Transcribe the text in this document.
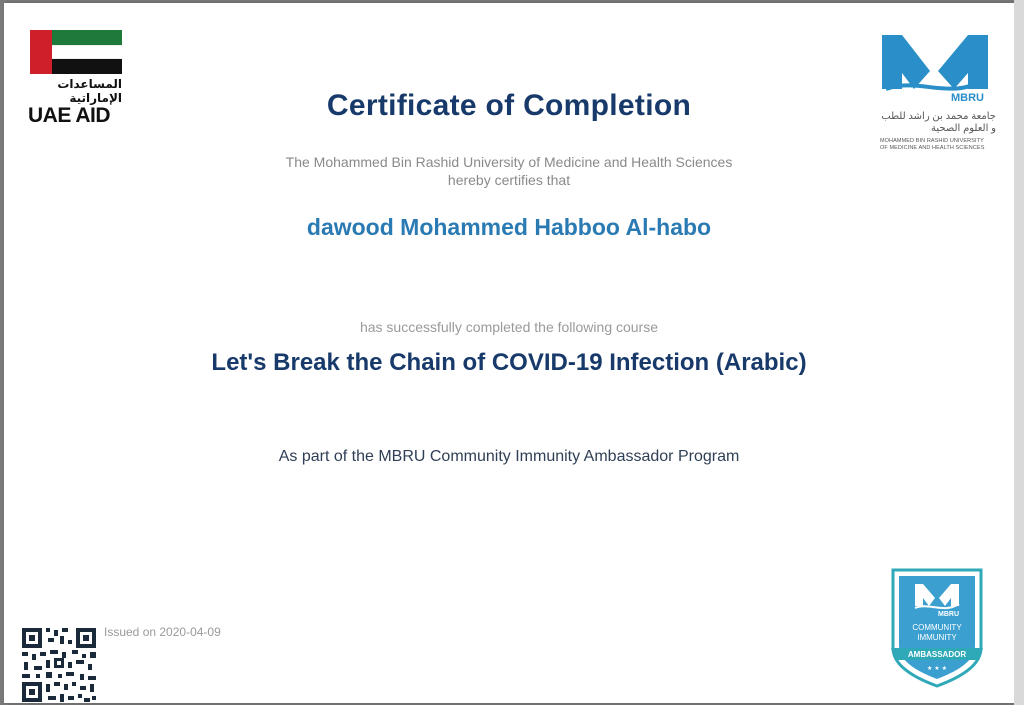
المساعدات الإماراتية
UAE AID
MBRU
جامعة محمد بن راشد للطب و العلوم الصحية
MOHAMMED BIN RASHID UNIVERSITY
OF MEDICINE AND HEALTH SCIENCES
Certificate of Completion
The Mohammed Bin Rashid University of Medicine and Health Sciences
hereby certifies that
dawood Mohammed Habboo Al-habo
has successfully completed the following course
Let's Break the Chain of COVID-19 Infection (Arabic)
As part of the MBRU Community Immunity Ambassador Program
Issued on 2020-04-09
MBRU
COMMUNITY
IMMUNITY
AMBASSADOR
★ ★ ★
